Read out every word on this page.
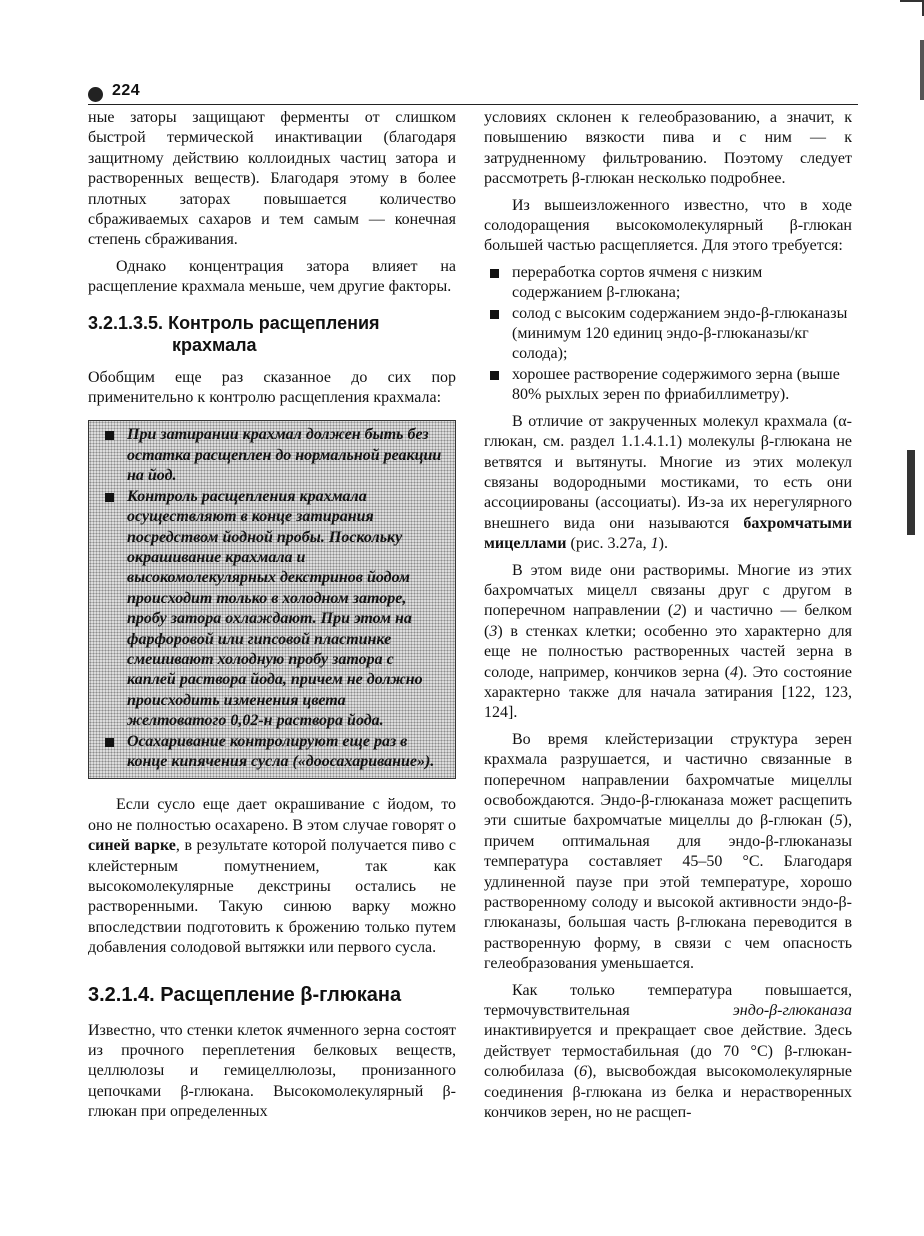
224

ные заторы защищают ферменты от слишком быстрой термической инактивации (благодаря защитному действию коллоидных частиц затора и растворенных веществ). Благодаря этому в более плотных заторах повышается количество сбраживаемых сахаров и тем самым — конечная степень сбраживания.

Однако концентрация затора влияет на расщепление крахмала меньше, чем другие факторы.

3.2.1.3.5. Контроль расщепления
крахмала

Обобщим еще раз сказанное до сих пор применительно к контролю расщепления крахмала:

При затирании крахмал должен быть без остатка расщеплен до нормальной реакции на йод.
Контроль расщепления крахмала осуществляют в конце затирания посредством йодной пробы. Поскольку окрашивание крахмала и высокомолекулярных декстринов йодом происходит только в холодном заторе, пробу затора охлаждают. При этом на фарфоровой или гипсовой пластинке смешивают холодную пробу затора с каплей раствора йода, причем не должно происходить изменения цвета желтоватого 0,02-н раствора йода.
Осахаривание контролируют еще раз в конце кипячения сусла («доосахаривание»).

Если сусло еще дает окрашивание с йодом, то оно не полностью осахарено. В этом случае говорят о синей варке, в результате которой получается пиво с клейстерным помутнением, так как высокомолекулярные декстрины остались не растворенными. Такую синюю варку можно впоследствии подготовить к брожению только путем добавления солодовой вытяжки или первого сусла.

3.2.1.4. Расщепление β-глюкана

Известно, что стенки клеток ячменного зерна состоят из прочного переплетения белковых веществ, целлюлозы и гемицеллюлозы, пронизанного цепочками β-глюкана. Высокомолекулярный β-глюкан при определенных

условиях склонен к гелеобразованию, а значит, к повышению вязкости пива и с ним — к затрудненному фильтрованию. Поэтому следует рассмотреть β-глюкан несколько подробнее.

Из вышеизложенного известно, что в ходе солодоращения высокомолекулярный β-глюкан большей частью расщепляется. Для этого требуется:

переработка сортов ячменя с низким содержанием β-глюкана;
солод с высоким содержанием эндо-β-глюканазы (минимум 120 единиц эндо-β-глюканазы/кг солода);
хорошее растворение содержимого зерна (выше 80% рыхлых зерен по фриабиллиметру).

В отличие от закрученных молекул крахмала (α-глюкан, см. раздел 1.1.4.1.1) молекулы β-глюкана не ветвятся и вытянуты. Многие из этих молекул связаны водородными мостиками, то есть они ассоциированы (ассоциаты). Из-за их нерегулярного внешнего вида они называются бахромчатыми мицеллами (рис. 3.27а, 1).

В этом виде они растворимы. Многие из этих бахромчатых мицелл связаны друг с другом в поперечном направлении (2) и частично — белком (3) в стенках клетки; особенно это характерно для еще не полностью растворенных частей зерна в солоде, например, кончиков зерна (4). Это состояние характерно также для начала затирания [122, 123, 124].

Во время клейстеризации структура зерен крахмала разрушается, и частично связанные в поперечном направлении бахромчатые мицеллы освобождаются. Эндо-β-глюканаза может расщепить эти сшитые бахромчатые мицеллы до β-глюкан (5), причем оптимальная для эндо-β-глюканазы температура составляет 45–50 °С. Благодаря удлиненной паузе при этой температуре, хорошо растворенному солоду и высокой активности эндо-β-глюканазы, большая часть β-глюкана переводится в растворенную форму, в связи с чем опасность гелеобразования уменьшается.

Как только температура повышается, термочувствительная эндо-β-глюканаза инактивируется и прекращает свое действие. Здесь действует термостабильная (до 70 °С) β-глюкан-солюбилаза (6), высвобождая высокомолекулярные соединения β-глюкана из белка и нерастворенных кончиков зерен, но не расщеп-
